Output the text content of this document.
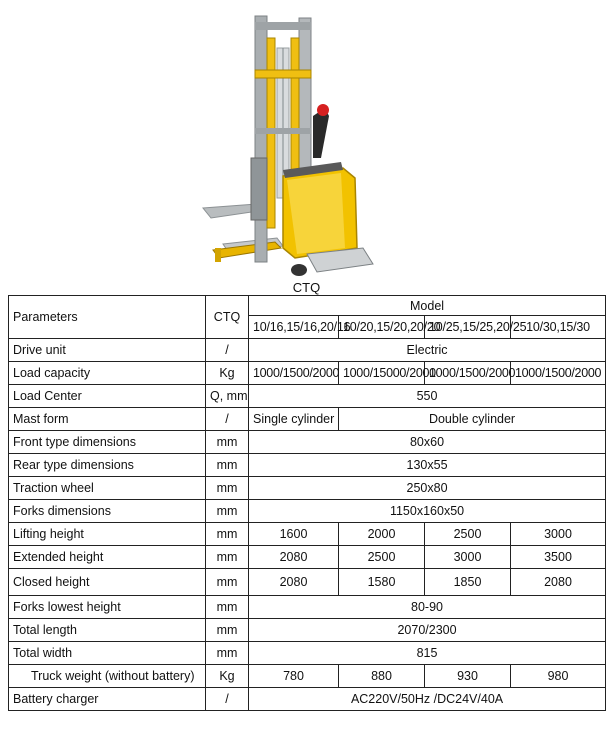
CTQ
Parameters	CTQ	Model			
		10/16,15/16,20/16	10/20,15/20,20/20	10/25,15/25,20/25	10/30,15/30
Drive unit	/	Electric			
Load capacity	Kg	1000/1500/2000	1000/15000/2000	1000/1500/2000	1000/1500/2000
Load Center	Q, mm	550			
Mast form	/	Single cylinder	Double cylinder		
Front type dimensions	mm	80x60			
Rear type dimensions	mm	130x55			
Traction wheel	mm	250x80			
Forks dimensions	mm	1150x160x50			
Lifting height	mm	1600	2000	2500	3000
Extended height	mm	2080	2500	3000	3500
Closed height	mm	2080	1580	1850	2080
Forks lowest height	mm	80-90			
Total length	mm	2070/2300			
Total width	mm	815			
Truck weight (without battery)	Kg	780	880	930	980
Battery charger	/	AC220V/50Hz /DC24V/40A			
